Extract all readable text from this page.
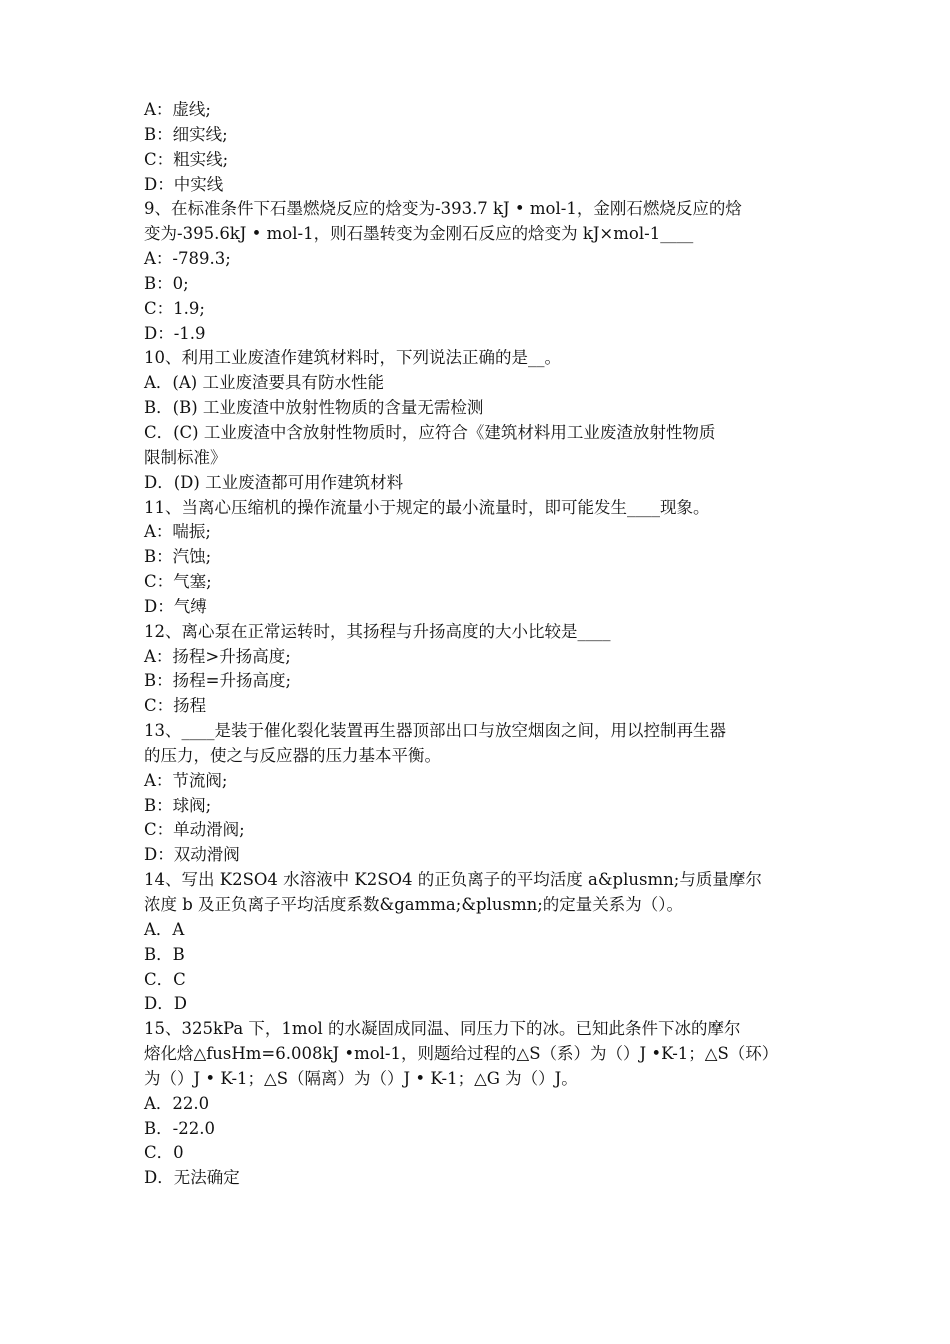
A：虚线;
B：细实线;
C：粗实线;
D：中实线
9、在标准条件下石墨燃烧反应的焓变为-393.7 kJ • mol-1，金刚石燃烧反应的焓
变为-395.6kJ • mol-1，则石墨转变为金刚石反应的焓变为 kJ×mol-1____
A：-789.3;
B：0;
C：1.9;
D：-1.9
10、利用工业废渣作建筑材料时，下列说法正确的是__。
A．(A) 工业废渣要具有防水性能
B．(B) 工业废渣中放射性物质的含量无需检测
C．(C) 工业废渣中含放射性物质时，应符合《建筑材料用工业废渣放射性物质
限制标准》
D．(D) 工业废渣都可用作建筑材料
11、当离心压缩机的操作流量小于规定的最小流量时，即可能发生____现象。
A：喘振;
B：汽蚀;
C：气塞;
D：气缚
12、离心泵在正常运转时，其扬程与升扬高度的大小比较是____
A：扬程>升扬高度;
B：扬程=升扬高度;
C：扬程
13、____是装于催化裂化装置再生器顶部出口与放空烟囱之间，用以控制再生器
的压力，使之与反应器的压力基本平衡。
A：节流阀;
B：球阀;
C：单动滑阀;
D：双动滑阀
14、写出 K2SO4 水溶液中 K2SO4 的正负离子的平均活度 a&plusmn;与质量摩尔
浓度 b 及正负离子平均活度系数&gamma;&plusmn;的定量关系为（）。
A．A
B．B
C．C
D．D
15、325kPa 下，1mol 的水凝固成同温、同压力下的冰。已知此条件下冰的摩尔
熔化焓△fusHm=6.008kJ •mol-1，则题给过程的△S（系）为（）J •K-1；△S（环）
为（）J • K-1；△S（隔离）为（）J • K-1；△G 为（）J。
A．22.0
B．-22.0
C．0
D．无法确定
